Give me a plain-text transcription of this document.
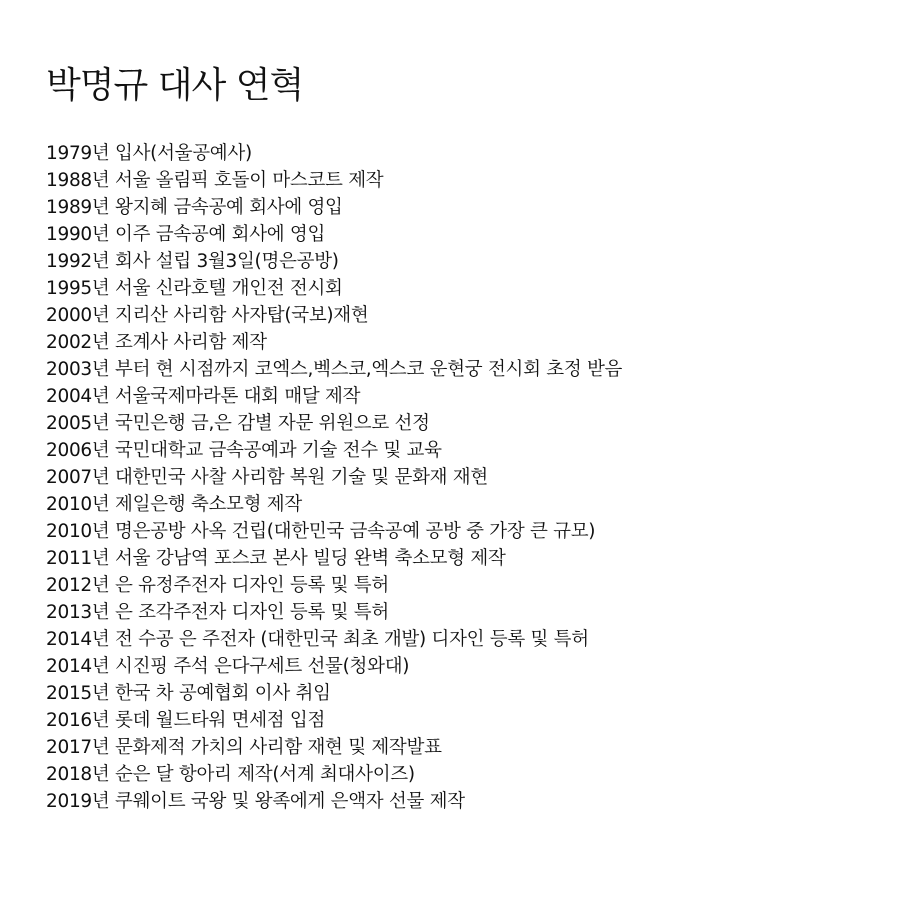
박명규 대사 연혁
1979년 입사(서울공예사)
1988년 서울 올림픽 호돌이 마스코트 제작
1989년 왕지혜 금속공예 회사에 영입
1990년 이주 금속공예 회사에 영입
1992년 회사 설립 3월3일(명은공방)
1995년 서울 신라호텔 개인전 전시회
2000년 지리산 사리함 사자탑(국보)재현
2002년 조계사 사리함 제작
2003년 부터 현 시점까지 코엑스,벡스코,엑스코 운현궁 전시회 초정 받음
2004년 서울국제마라톤 대회 매달 제작
2005년 국민은행 금,은 감별 자문 위원으로 선정
2006년 국민대학교 금속공예과 기술 전수 및 교육
2007년 대한민국 사찰 사리함 복원 기술 및 문화재 재현
2010년 제일은행 축소모형 제작
2010년 명은공방 사옥 건립(대한민국 금속공예 공방 중 가장 큰 규모)
2011년 서울 강남역 포스코 본사 빌딩 완벽 축소모형 제작
2012년 은 유정주전자 디자인 등록 및 특허
2013년 은 조각주전자 디자인 등록 및 특허
2014년 전 수공 은 주전자 (대한민국 최초 개발) 디자인 등록 및 특허
2014년 시진핑 주석 은다구세트 선물(청와대)
2015년 한국 차 공예협회 이사 취임
2016년 롯데 월드타워 면세점 입점
2017년 문화제적 가치의 사리함 재현 및 제작발표
2018년 순은 달 항아리 제작(서계 최대사이즈)
2019년 쿠웨이트 국왕 및 왕족에게 은액자 선물 제작
